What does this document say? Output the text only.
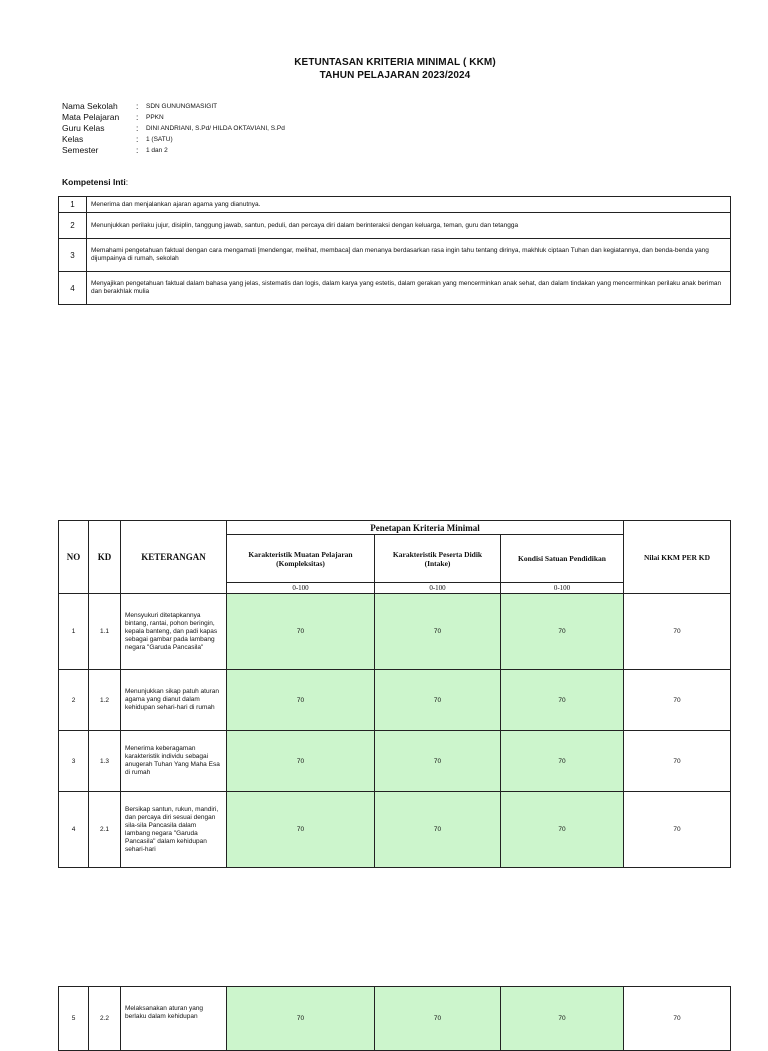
KETUNTASAN KRITERIA MINIMAL ( KKM)
TAHUN PELAJARAN 2023/2024
Nama Sekolah : SDN GUNUNGMASIGIT
Mata Pelajaran : PPKN
Guru Kelas	: DINI ANDRIANI, S.Pd/ HILDA OKTAVIANI, S.Pd
Kelas	: 1 (SATU)
Semester	: 1 dan 2
Kompetensi Inti:
1	Menerima dan menjalankan ajaran agama yang dianutnya.
2	Menunjukkan perilaku jujur, disiplin, tanggung jawab, santun, peduli, dan percaya diri dalam berinteraksi dengan keluarga, teman, guru dan tetangga
3	Memahami pengetahuan faktual dengan cara mengamati [mendengar, melihat, membaca] dan menanya berdasarkan rasa ingin tahu tentang dirinya, makhluk ciptaan Tuhan dan kegiatannya, dan benda-benda yang dijumpainya di rumah, sekolah
4	Menyajikan pengetahuan faktual dalam bahasa yang jelas, sistematis dan logis, dalam karya yang estetis, dalam gerakan yang mencerminkan anak sehat, dan dalam tindakan yang mencerminkan perilaku anak beriman dan berakhlak mulia
NO	KD	KETERANGAN	Penetapan Kriteria Minimal			Nilai KKM PER KD
			Karakteristik Muatan Pelajaran (Kompleksitas)	Karakteristik Peserta Didik (Intake)	Kondisi Satuan Pendidikan	
			0-100	0-100	0-100	
1	1.1	Mensyukuri ditetapkannya bintang, rantai, pohon beringin, kepala banteng, dan padi kapas sebagai gambar pada lambang negara "Garuda Pancasila"	70	70	70	70
2	1.2	Menunjukkan sikap patuh aturan agama yang dianut dalam kehidupan sehari-hari di rumah	70	70	70	70
3	1.3	Menerima keberagaman karakteristik individu sebagai anugerah Tuhan Yang Maha Esa di rumah	70	70	70	70
4	2.1	Bersikap santun, rukun, mandiri, dan percaya diri sesuai dengan sila-sila Pancasila dalam lambang negara "Garuda Pancasila" dalam kehidupan sehari-hari	70	70	70	70
5	2.2	Melaksanakan aturan yang berlaku dalam kehidupan	70	70	70	70
